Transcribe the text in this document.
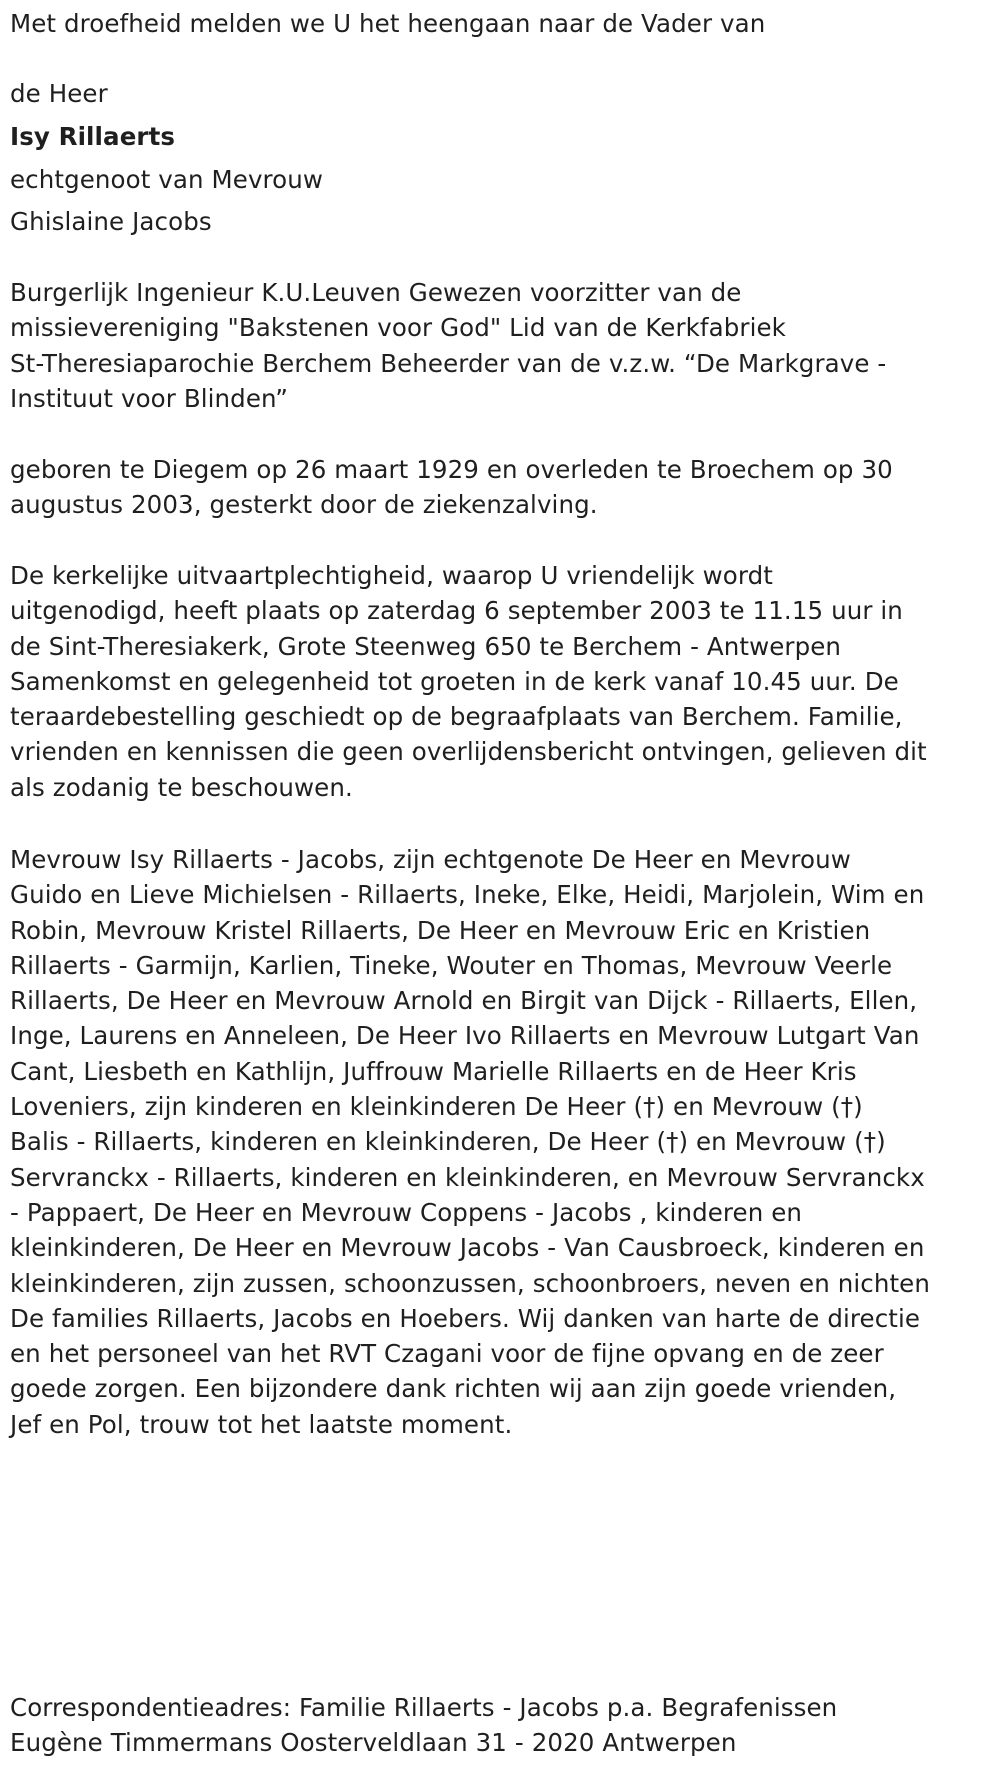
Met droefheid melden we U het heengaan naar de Vader van
de Heer
Isy Rillaerts
echtgenoot van Mevrouw
Ghislaine Jacobs
Burgerlijk Ingenieur K.U.Leuven Gewezen voorzitter van de
missievereniging "Bakstenen voor God" Lid van de Kerkfabriek
St-Theresiaparochie Berchem Beheerder van de v.z.w. “De Markgrave -
Instituut voor Blinden”
geboren te Diegem op 26 maart 1929 en overleden te Broechem op 30
augustus 2003, gesterkt door de ziekenzalving.
De kerkelijke uitvaartplechtigheid, waarop U vriendelijk wordt
uitgenodigd, heeft plaats op zaterdag 6 september 2003 te 11.15 uur in
de Sint-Theresiakerk, Grote Steenweg 650 te Berchem - Antwerpen
Samenkomst en gelegenheid tot groeten in de kerk vanaf 10.45 uur. De
teraardebestelling geschiedt op de begraafplaats van Berchem. Familie,
vrienden en kennissen die geen overlijdensbericht ontvingen, gelieven dit
als zodanig te beschouwen.
Mevrouw Isy Rillaerts - Jacobs, zijn echtgenote De Heer en Mevrouw
Guido en Lieve Michielsen - Rillaerts, Ineke, Elke, Heidi, Marjolein, Wim en
Robin, Mevrouw Kristel Rillaerts, De Heer en Mevrouw Eric en Kristien
Rillaerts - Garmijn, Karlien, Tineke, Wouter en Thomas, Mevrouw Veerle
Rillaerts, De Heer en Mevrouw Arnold en Birgit van Dijck - Rillaerts, Ellen,
Inge, Laurens en Anneleen, De Heer Ivo Rillaerts en Mevrouw Lutgart Van
Cant, Liesbeth en Kathlijn, Juffrouw Marielle Rillaerts en de Heer Kris
Loveniers, zijn kinderen en kleinkinderen De Heer (†) en Mevrouw (†)
Balis - Rillaerts, kinderen en kleinkinderen, De Heer (†) en Mevrouw (†)
Servranckx - Rillaerts, kinderen en kleinkinderen, en Mevrouw Servranckx
- Pappaert, De Heer en Mevrouw Coppens - Jacobs , kinderen en
kleinkinderen, De Heer en Mevrouw Jacobs - Van Causbroeck, kinderen en
kleinkinderen, zijn zussen, schoonzussen, schoonbroers, neven en nichten
De families Rillaerts, Jacobs en Hoebers. Wij danken van harte de directie
en het personeel van het RVT Czagani voor de fijne opvang en de zeer
goede zorgen. Een bijzondere dank richten wij aan zijn goede vrienden,
Jef en Pol, trouw tot het laatste moment.
Correspondentieadres: Familie Rillaerts - Jacobs p.a. Begrafenissen
Eugène Timmermans Oosterveldlaan 31 - 2020 Antwerpen
